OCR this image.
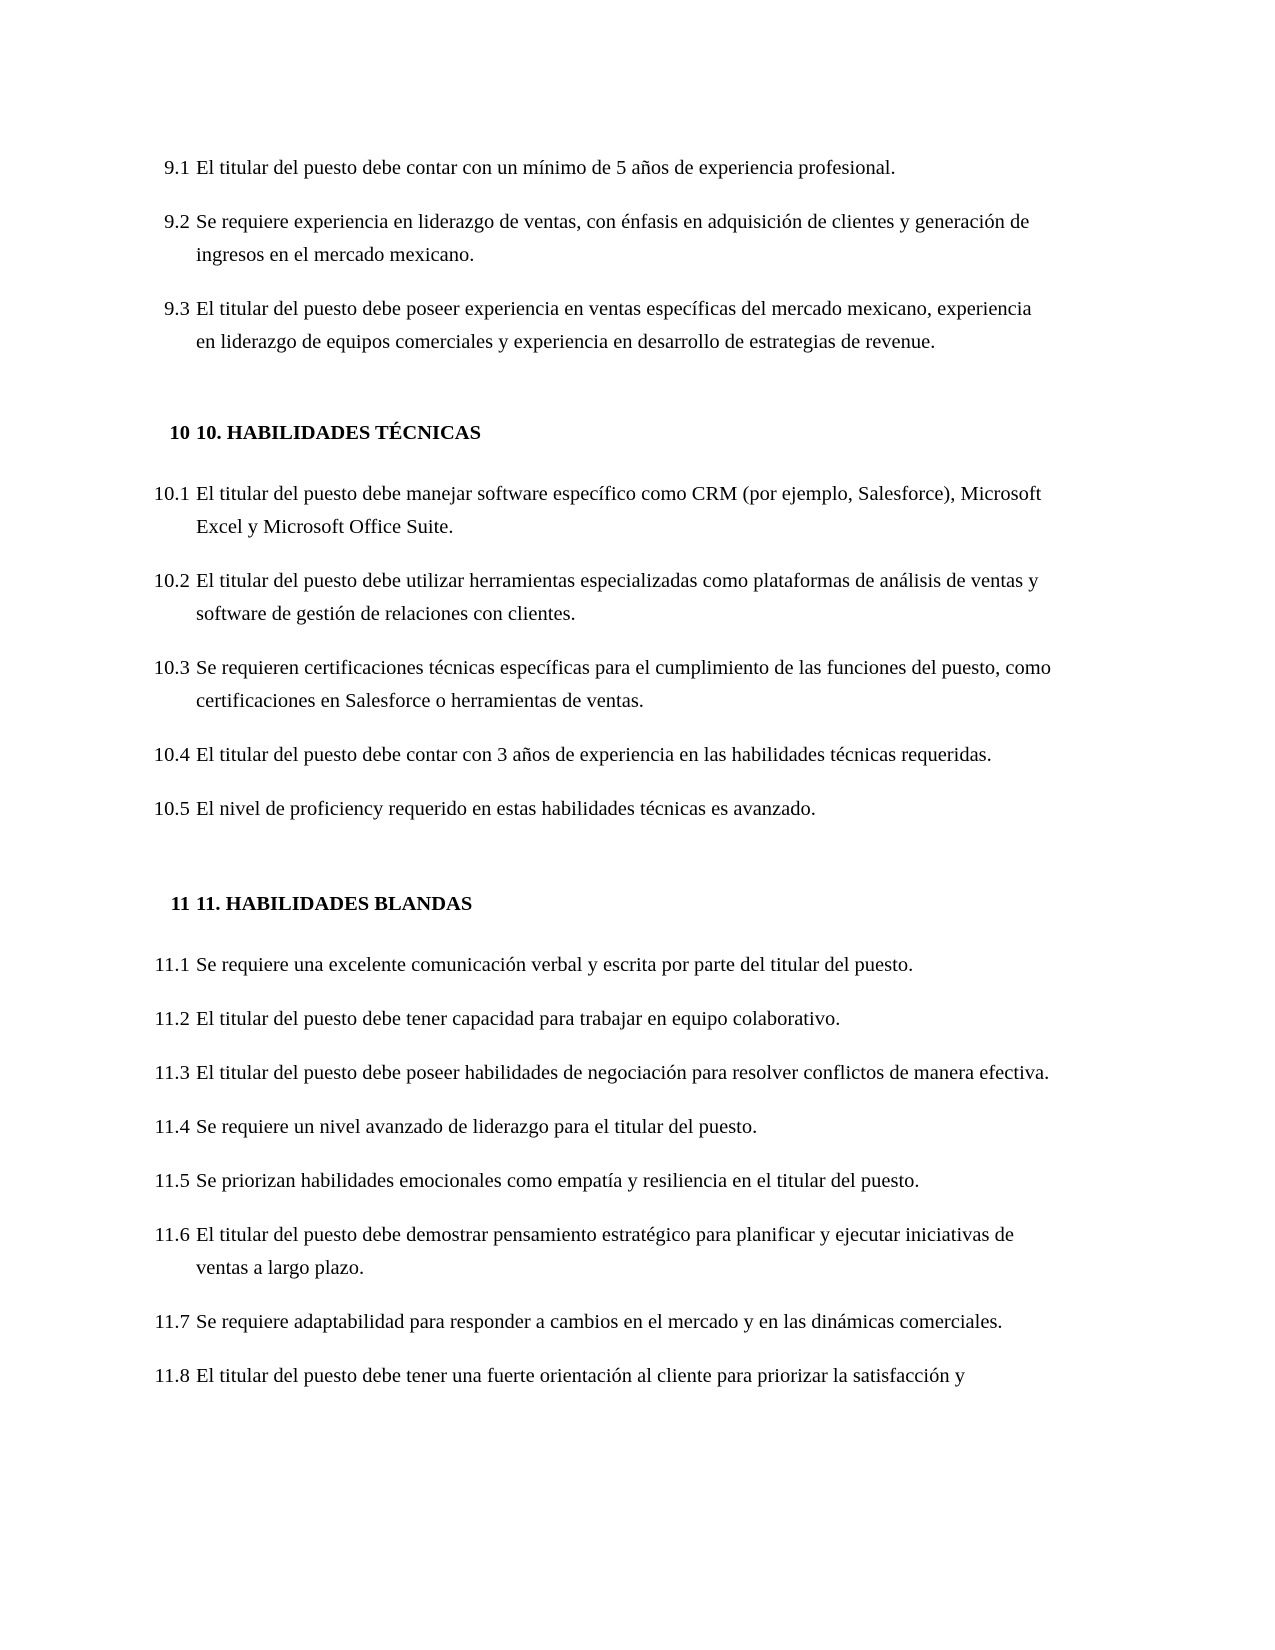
9.1 El titular del puesto debe contar con un mínimo de 5 años de experiencia profesional.
9.2 Se requiere experiencia en liderazgo de ventas, con énfasis en adquisición de clientes y generación de ingresos en el mercado mexicano.
9.3 El titular del puesto debe poseer experiencia en ventas específicas del mercado mexicano, experiencia en liderazgo de equipos comerciales y experiencia en desarrollo de estrategias de revenue.
10 10. HABILIDADES TÉCNICAS
10.1 El titular del puesto debe manejar software específico como CRM (por ejemplo, Salesforce), Microsoft Excel y Microsoft Office Suite.
10.2 El titular del puesto debe utilizar herramientas especializadas como plataformas de análisis de ventas y software de gestión de relaciones con clientes.
10.3 Se requieren certificaciones técnicas específicas para el cumplimiento de las funciones del puesto, como certificaciones en Salesforce o herramientas de ventas.
10.4 El titular del puesto debe contar con 3 años de experiencia en las habilidades técnicas requeridas.
10.5 El nivel de proficiency requerido en estas habilidades técnicas es avanzado.
11 11. HABILIDADES BLANDAS
11.1 Se requiere una excelente comunicación verbal y escrita por parte del titular del puesto.
11.2 El titular del puesto debe tener capacidad para trabajar en equipo colaborativo.
11.3 El titular del puesto debe poseer habilidades de negociación para resolver conflictos de manera efectiva.
11.4 Se requiere un nivel avanzado de liderazgo para el titular del puesto.
11.5 Se priorizan habilidades emocionales como empatía y resiliencia en el titular del puesto.
11.6 El titular del puesto debe demostrar pensamiento estratégico para planificar y ejecutar iniciativas de ventas a largo plazo.
11.7 Se requiere adaptabilidad para responder a cambios en el mercado y en las dinámicas comerciales.
11.8 El titular del puesto debe tener una fuerte orientación al cliente para priorizar la satisfacción y
